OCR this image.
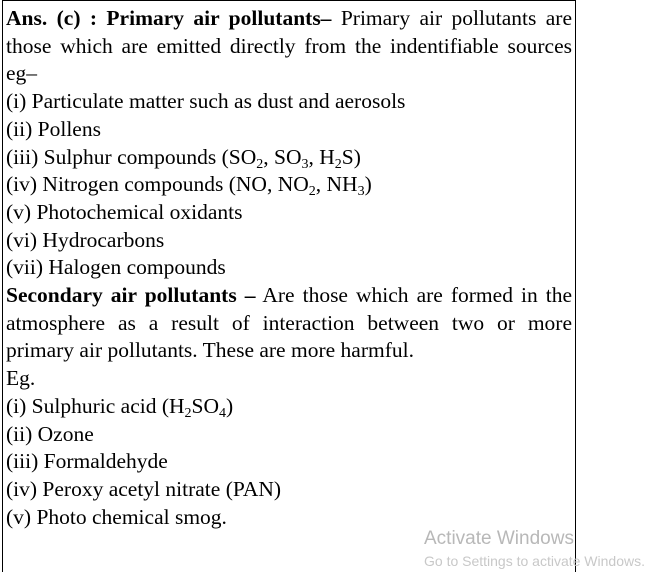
Ans. (c) : Primary air pollutants– Primary air pollutants are those which are emitted directly from the indentifiable sources eg–
(i) Particulate matter such as dust and aerosols
(ii) Pollens
(iii) Sulphur compounds ($SO_2$, $SO_3$, $H_2S$)
(iv) Nitrogen compounds (NO, $NO_2$, $NH_3$)
(v) Photochemical oxidants
(vi) Hydrocarbons
(vii) Halogen compounds
Secondary air pollutants – Are those which are formed in the atmosphere as a result of interaction between two or more primary air pollutants. These are more harmful.
Eg.
(i) Sulphuric acid $(H_2SO_4)$
(ii) Ozone
(iii) Formaldehyde
(iv) Peroxy acetyl nitrate (PAN)
(v) Photo chemical smog.
Activate Windows
Go to Settings to activate Windows.
